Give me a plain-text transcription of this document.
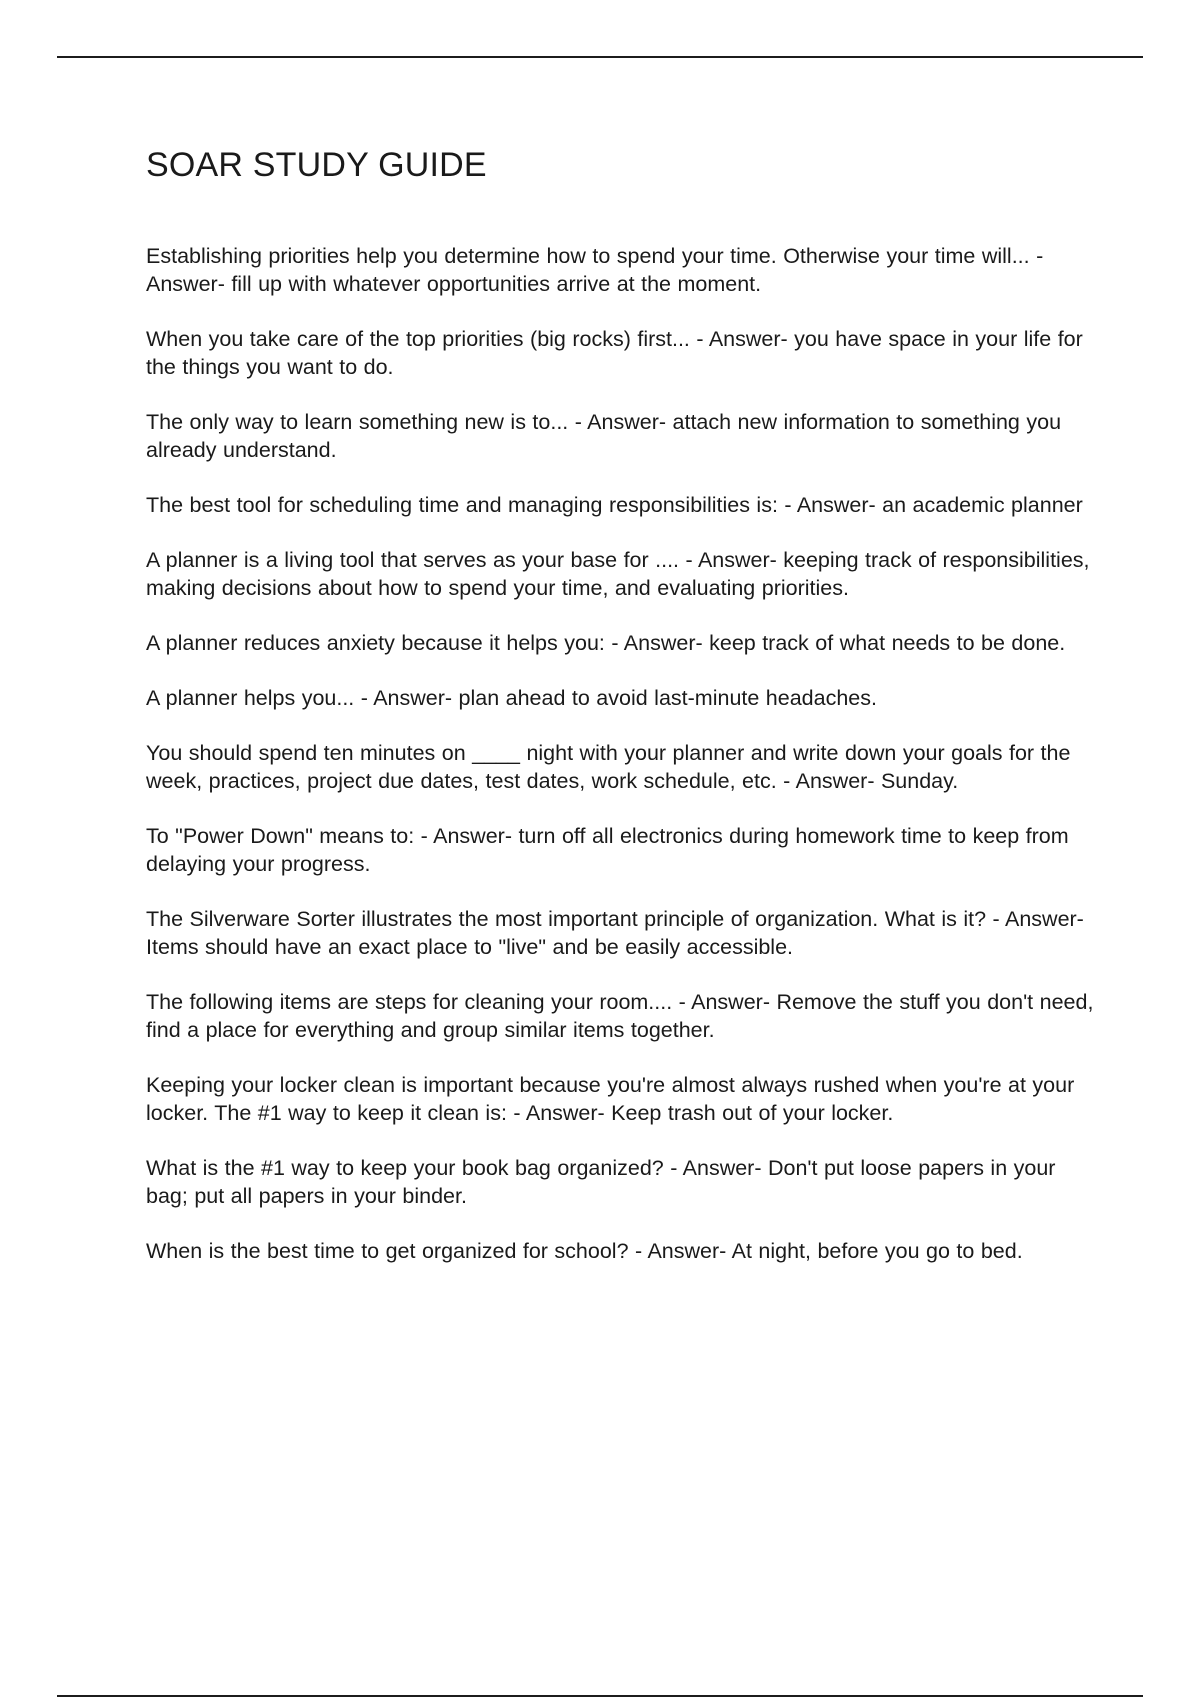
SOAR STUDY GUIDE
Establishing priorities help you determine how to spend your time. Otherwise your time will... - Answer- fill up with whatever opportunities arrive at the moment.
When you take care of the top priorities (big rocks) first... - Answer- you have space in your life for the things you want to do.
The only way to learn something new is to... - Answer- attach new information to something you already understand.
The best tool for scheduling time and managing responsibilities is: - Answer- an academic planner
A planner is a living tool that serves as your base for .... - Answer- keeping track of responsibilities, making decisions about how to spend your time, and evaluating priorities.
A planner reduces anxiety because it helps you: - Answer- keep track of what needs to be done.
A planner helps you... - Answer- plan ahead to avoid last-minute headaches.
You should spend ten minutes on ____ night with your planner and write down your goals for the week, practices, project due dates, test dates, work schedule, etc. - Answer- Sunday.
To "Power Down" means to: - Answer- turn off all electronics during homework time to keep from delaying your progress.
The Silverware Sorter illustrates the most important principle of organization. What is it? - Answer- Items should have an exact place to "live" and be easily accessible.
The following items are steps for cleaning your room.... - Answer- Remove the stuff you don't need, find a place for everything and group similar items together.
Keeping your locker clean is important because you're almost always rushed when you're at your locker. The #1 way to keep it clean is: - Answer- Keep trash out of your locker.
What is the #1 way to keep your book bag organized? - Answer- Don't put loose papers in your bag; put all papers in your binder.
When is the best time to get organized for school? - Answer- At night, before you go to bed.
